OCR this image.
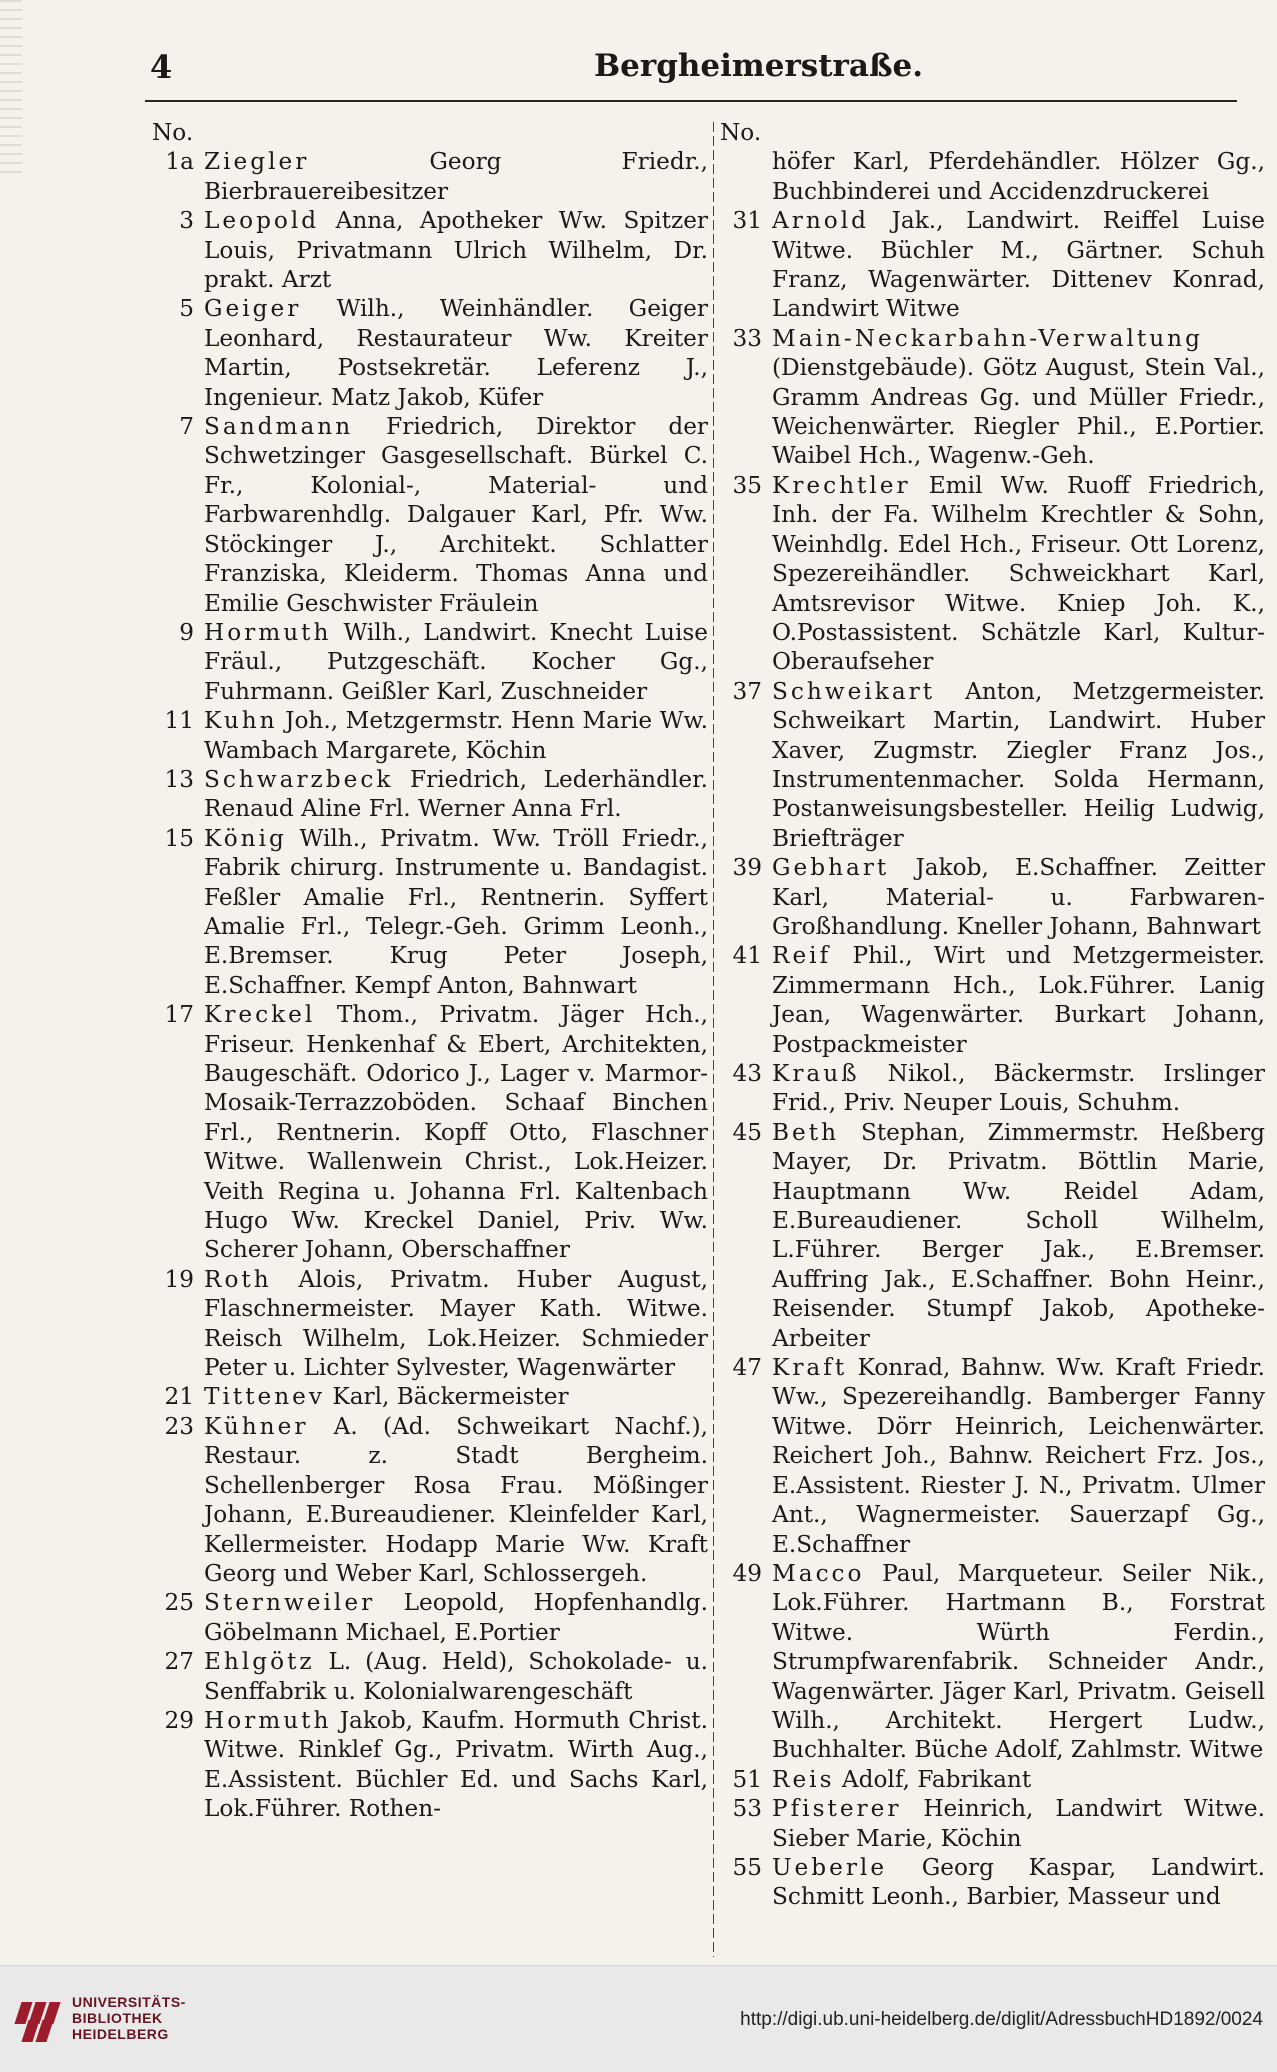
4	Bergheimerstraße.
No.
1a Ziegler Georg Friedr., Bierbrauereibesitzer
3 Leopold Anna, Apotheker Ww. Spitzer Louis, Privatmann Ulrich Wilhelm, Dr. prakt. Arzt
5 Geiger Wilh., Weinhändler. Geiger Leonhard, Restaurateur Ww. Kreiter Martin, Postsekretär. Leferenz J., Ingenieur. Matz Jakob, Küfer
7 Sandmann Friedrich, Direktor der Schwetzinger Gasgesellschaft. Bürkel C. Fr., Kolonial-, Material- und Farbwarenhdlg. Dalgauer Karl, Pfr. Ww. Stöckinger J., Architekt. Schlatter Franziska, Kleiderm. Thomas Anna und Emilie Geschwister Fräulein
9 Hormuth Wilh., Landwirt. Knecht Luise Fräul., Putzgeschäft. Kocher Gg., Fuhrmann. Geißler Karl, Zuschneider
11 Kuhn Joh., Metzgermstr. Henn Marie Ww. Wambach Margarete, Köchin
13 Schwarzbeck Friedrich, Lederhändler. Renaud Aline Frl. Werner Anna Frl.
15 König Wilh., Privatm. Ww. Tröll Friedr., Fabrik chirurg. Instrumente u. Bandagist. Feßler Amalie Frl., Rentnerin. Syffert Amalie Frl., Telegr.-Geh. Grimm Leonh., E.Bremser. Krug Peter Joseph, E.Schaffner. Kempf Anton, Bahnwart
17 Kreckel Thom., Privatm. Jäger Hch., Friseur. Henkenhaf & Ebert, Architekten, Baugeschäft. Odorico J., Lager v. Marmor-Mosaik-Terrazzoböden. Schaaf Binchen Frl., Rentnerin. Kopff Otto, Flaschner Witwe. Wallenwein Christ., Lok.Heizer. Veith Regina u. Johanna Frl. Kaltenbach Hugo Ww. Kreckel Daniel, Priv. Ww. Scherer Johann, Oberschaffner
19 Roth Alois, Privatm. Huber August, Flaschnermeister. Mayer Kath. Witwe. Reisch Wilhelm, Lok.Heizer. Schmieder Peter u. Lichter Sylvester, Wagenwärter
21 Tittenev Karl, Bäckermeister
23 Kühner A. (Ad. Schweikart Nachf.), Restaur. z. Stadt Bergheim. Schellenberger Rosa Frau. Mößinger Johann, E.Bureaudiener. Kleinfelder Karl, Kellermeister. Hodapp Marie Ww. Kraft Georg und Weber Karl, Schlossergeh.
25 Sternweiler Leopold, Hopfenhandlg. Göbelmann Michael, E.Portier
27 Ehlgötz L. (Aug. Held), Schokolade- u. Senffabrik u. Kolonialwarengeschäft
29 Hormuth Jakob, Kaufm. Hormuth Christ. Witwe. Rinklef Gg., Privatm. Wirth Aug., E.Assistent. Büchler Ed. und Sachs Karl, Lok.Führer. Rothen-
No.
höfer Karl, Pferdehändler. Hölzer Gg., Buchbinderei und Accidenzdruckerei
31 Arnold Jak., Landwirt. Reiffel Luise Witwe. Büchler M., Gärtner. Schuh Franz, Wagenwärter. Dittenev Konrad, Landwirt Witwe
33 Main-Neckarbahn-Verwaltung (Dienstgebäude). Götz August, Stein Val., Gramm Andreas Gg. und Müller Friedr., Weichenwärter. Riegler Phil., E.Portier. Waibel Hch., Wagenw.-Geh.
35 Krechtler Emil Ww. Ruoff Friedrich, Inh. der Fa. Wilhelm Krechtler & Sohn, Weinhdlg. Edel Hch., Friseur. Ott Lorenz, Spezereihändler. Schweickhart Karl, Amtsrevisor Witwe. Kniep Joh. K., O.Postassistent. Schätzle Karl, Kultur-Oberaufseher
37 Schweikart Anton, Metzgermeister. Schweikart Martin, Landwirt. Huber Xaver, Zugmstr. Ziegler Franz Jos., Instrumentenmacher. Solda Hermann, Postanweisungsbesteller. Heilig Ludwig, Briefträger
39 Gebhart Jakob, E.Schaffner. Zeitter Karl, Material- u. Farbwaren-Großhandlung. Kneller Johann, Bahnwart
41 Reif Phil., Wirt und Metzgermeister. Zimmermann Hch., Lok.Führer. Lanig Jean, Wagenwärter. Burkart Johann, Postpackmeister
43 Krauß Nikol., Bäckermstr. Irslinger Frid., Priv. Neuper Louis, Schuhm.
45 Beth Stephan, Zimmermstr. Heßberg Mayer, Dr. Privatm. Böttlin Marie, Hauptmann Ww. Reidel Adam, E.Bureaudiener. Scholl Wilhelm, L.Führer. Berger Jak., E.Bremser. Auffring Jak., E.Schaffner. Bohn Heinr., Reisender. Stumpf Jakob, Apotheke-Arbeiter
47 Kraft Konrad, Bahnw. Ww. Kraft Friedr. Ww., Spezereihandlg. Bamberger Fanny Witwe. Dörr Heinrich, Leichenwärter. Reichert Joh., Bahnw. Reichert Frz. Jos., E.Assistent. Riester J. N., Privatm. Ulmer Ant., Wagnermeister. Sauerzapf Gg., E.Schaffner
49 Macco Paul, Marqueteur. Seiler Nik., Lok.Führer. Hartmann B., Forstrat Witwe. Würth Ferdin., Strumpfwarenfabrik. Schneider Andr., Wagenwärter. Jäger Karl, Privatm. Geisell Wilh., Architekt. Hergert Ludw., Buchhalter. Büche Adolf, Zahlmstr. Witwe
51 Reis Adolf, Fabrikant
53 Pfisterer Heinrich, Landwirt Witwe. Sieber Marie, Köchin
55 Ueberle Georg Kaspar, Landwirt. Schmitt Leonh., Barbier, Masseur und
UNIVERSITÄTS-
BIBLIOTHEK
HEIDELBERG
http://digi.ub.uni-heidelberg.de/diglit/AdressbuchHD1892/0024
